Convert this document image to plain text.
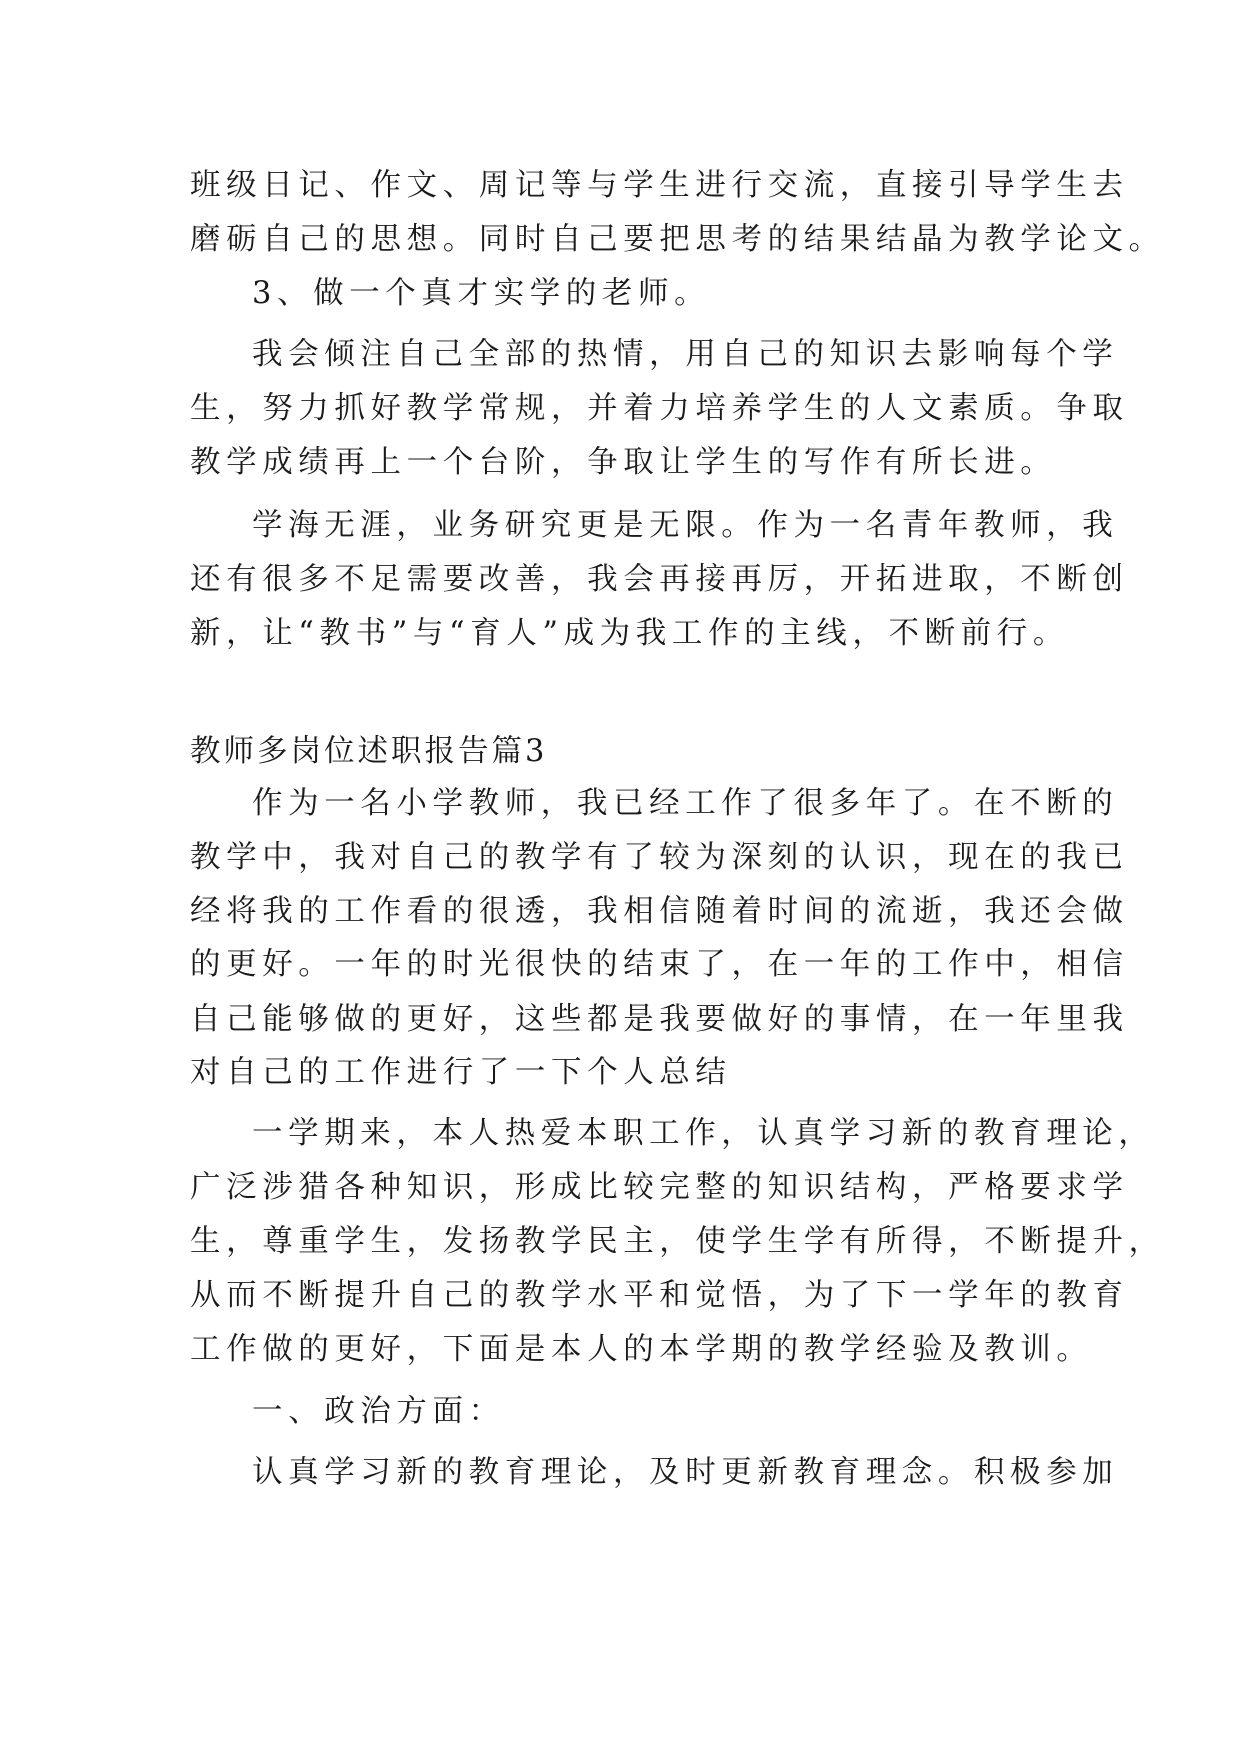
班级日记、作文、周记等与学生进行交流，直接引导学生去
磨砺自己的思想。同时自己要把思考的结果结晶为教学论文。
3、做一个真才实学的老师。
我会倾注自己全部的热情，用自己的知识去影响每个学
生，努力抓好教学常规，并着力培养学生的人文素质。争取
教学成绩再上一个台阶，争取让学生的写作有所长进。
学海无涯，业务研究更是无限。作为一名青年教师，我
还有很多不足需要改善，我会再接再厉，开拓进取，不断创
新，让“教书”与“育人”成为我工作的主线，不断前行。
教师多岗位述职报告篇3
作为一名小学教师，我已经工作了很多年了。在不断的
教学中，我对自己的教学有了较为深刻的认识，现在的我已
经将我的工作看的很透，我相信随着时间的流逝，我还会做
的更好。一年的时光很快的结束了，在一年的工作中，相信
自己能够做的更好，这些都是我要做好的事情，在一年里我
对自己的工作进行了一下个人总结
一学期来，本人热爱本职工作，认真学习新的教育理论，
广泛涉猎各种知识，形成比较完整的知识结构，严格要求学
生，尊重学生，发扬教学民主，使学生学有所得，不断提升，
从而不断提升自己的教学水平和觉悟，为了下一学年的教育
工作做的更好，下面是本人的本学期的教学经验及教训。
一、政治方面：
认真学习新的教育理论，及时更新教育理念。积极参加
